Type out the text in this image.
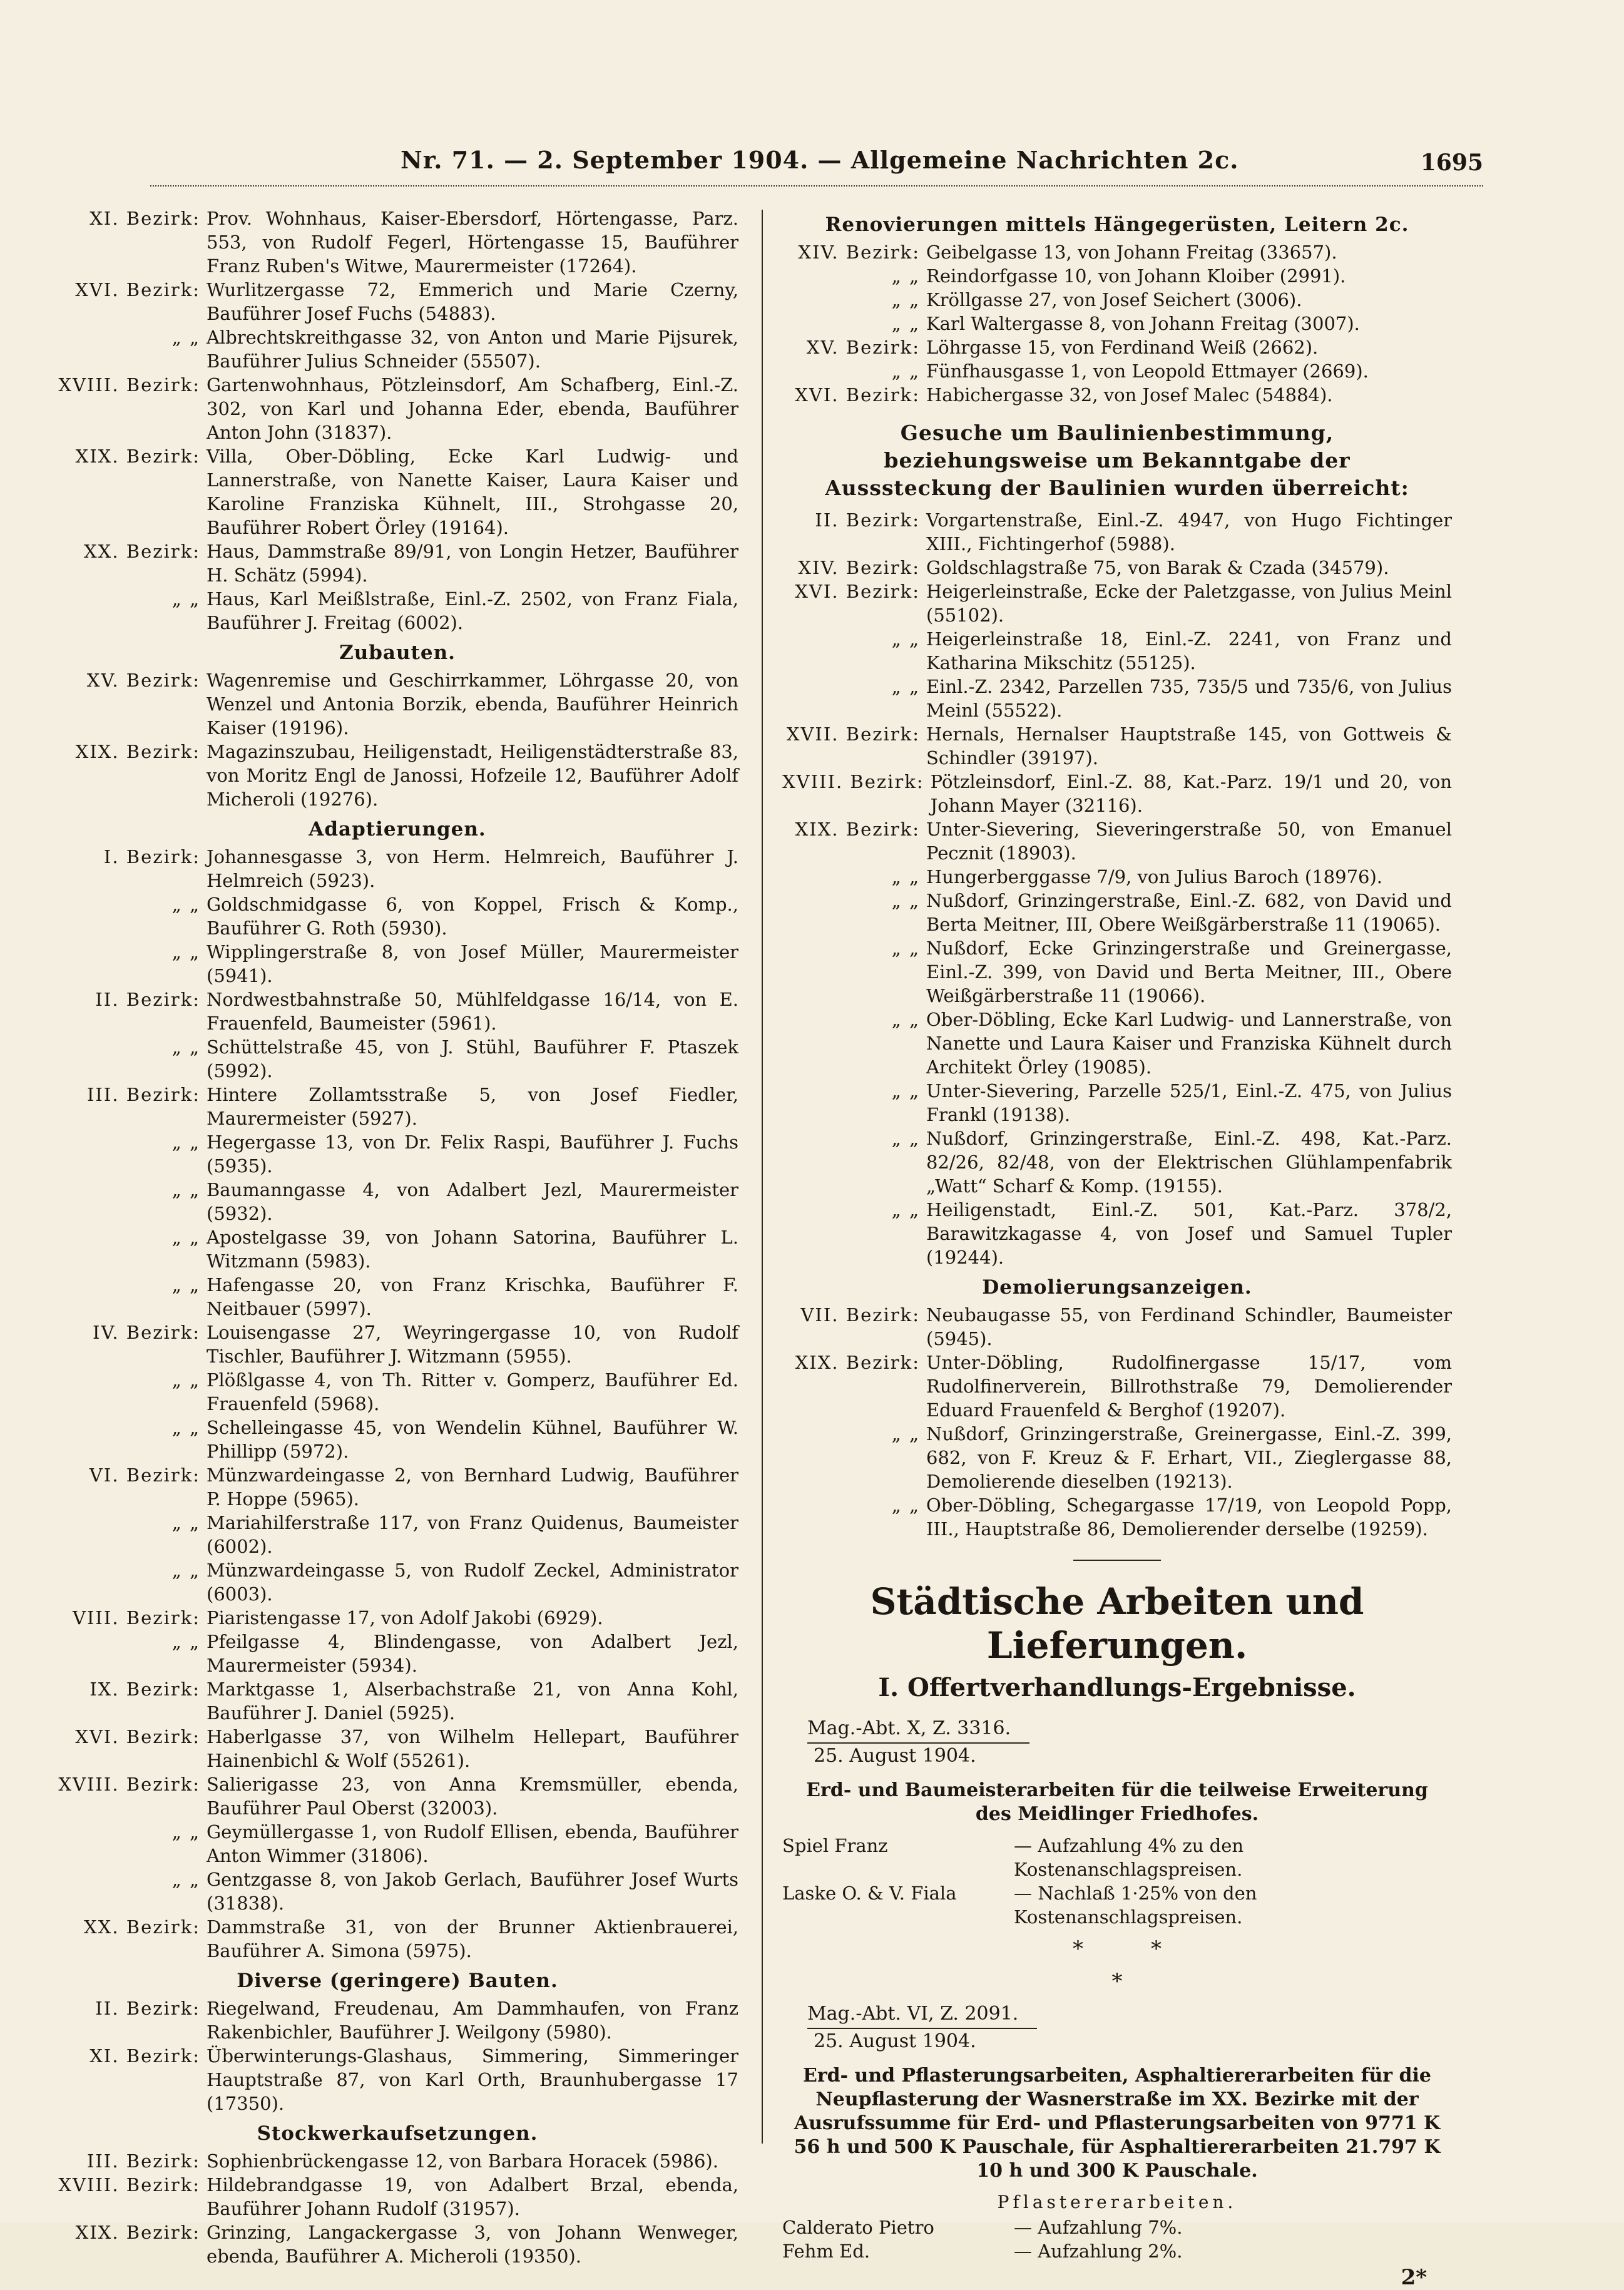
Nr. 71. — 2. September 1904. — Allgemeine Nachrichten 2c.	1695
XI. Bezirk: Prov. Wohnhaus, Kaiser-Ebersdorf, Hörtengasse, Parz. 553, von Rudolf Fegerl, Hörtengasse 15, Bauführer Franz Ruben's Witwe, Maurermeister (17264).
XVI. Bezirk: Wurlitzergasse 72, Emmerich und Marie Czerny, Bauführer Josef Fuchs (54883).
„ „ Albrechtskreithgasse 32, von Anton und Marie Pijsurek, Bauführer Julius Schneider (55507).
XVIII. Bezirk: Gartenwohnhaus, Pötzleinsdorf, Am Schafberg, Einl.-Z. 302, von Karl und Johanna Eder, ebenda, Bauführer Anton John (31837).
XIX. Bezirk: Villa, Ober-Döbling, Ecke Karl Ludwig- und Lannerstraße, von Nanette Kaiser, Laura Kaiser und Karoline Franziska Kühnelt, III., Strohgasse 20, Bauführer Robert Örley (19164).
XX. Bezirk: Haus, Dammstraße 89/91, von Longin Hetzer, Bauführer H. Schätz (5994).
„ „ Haus, Karl Meißlstraße, Einl.-Z. 2502, von Franz Fiala, Bauführer J. Freitag (6002).
Zubauten.
XV. Bezirk: Wagenremise und Geschirrkammer, Löhrgasse 20, von Wenzel und Antonia Borzik, ebenda, Bauführer Heinrich Kaiser (19196).
XIX. Bezirk: Magazinszubau, Heiligenstadt, Heiligenstädterstraße 83, von Moritz Engl de Janossi, Hofzeile 12, Bauführer Adolf Micheroli (19276).
Adaptierungen.
I. Bezirk: Johannesgasse 3, von Herm. Helmreich, Bauführer J. Helmreich (5923).
„ „ Goldschmidgasse 6, von Koppel, Frisch & Komp., Bauführer G. Roth (5930).
„ „ Wipplingerstraße 8, von Josef Müller, Maurermeister (5941).
II. Bezirk: Nordwestbahnstraße 50, Mühlfeldgasse 16/14, von E. Frauenfeld, Baumeister (5961).
„ „ Schüttelstraße 45, von J. Stühl, Bauführer F. Ptaszek (5992).
III. Bezirk: Hintere Zollamtsstraße 5, von Josef Fiedler, Maurermeister (5927).
„ „ Hegergasse 13, von Dr. Felix Raspi, Bauführer J. Fuchs (5935).
„ „ Baumanngasse 4, von Adalbert Jezl, Maurermeister (5932).
„ „ Apostelgasse 39, von Johann Satorina, Bauführer L. Witzmann (5983).
„ „ Hafengasse 20, von Franz Krischka, Bauführer F. Neitbauer (5997).
IV. Bezirk: Louisengasse 27, Weyringergasse 10, von Rudolf Tischler, Bauführer J. Witzmann (5955).
„ „ Plößlgasse 4, von Th. Ritter v. Gomperz, Bauführer Ed. Frauenfeld (5968).
„ „ Schelleingasse 45, von Wendelin Kühnel, Bauführer W. Phillipp (5972).
VI. Bezirk: Münzwardeingasse 2, von Bernhard Ludwig, Bauführer P. Hoppe (5965).
„ „ Mariahilferstraße 117, von Franz Quidenus, Baumeister (6002).
„ „ Münzwardeingasse 5, von Rudolf Zeckel, Administrator (6003).
VIII. Bezirk: Piaristengasse 17, von Adolf Jakobi (6929).
„ „ Pfeilgasse 4, Blindengasse, von Adalbert Jezl, Maurermeister (5934).
IX. Bezirk: Marktgasse 1, Alserbachstraße 21, von Anna Kohl, Bauführer J. Daniel (5925).
XVI. Bezirk: Haberlgasse 37, von Wilhelm Hellepart, Bauführer Hainenbichl & Wolf (55261).
XVIII. Bezirk: Salierigasse 23, von Anna Kremsmüller, ebenda, Bauführer Paul Oberst (32003).
„ „ Geymüllergasse 1, von Rudolf Ellisen, ebenda, Bauführer Anton Wimmer (31806).
„ „ Gentzgasse 8, von Jakob Gerlach, Bauführer Josef Wurts (31838).
XX. Bezirk: Dammstraße 31, von der Brunner Aktienbrauerei, Bauführer A. Simona (5975).
Diverse (geringere) Bauten.
II. Bezirk: Riegelwand, Freudenau, Am Dammhaufen, von Franz Rakenbichler, Bauführer J. Weilgony (5980).
XI. Bezirk: Überwinterungs-Glashaus, Simmering, Simmeringer Hauptstraße 87, von Karl Orth, Braunhubergasse 17 (17350).
Stockwerkaufsetzungen.
III. Bezirk: Sophienbrückengasse 12, von Barbara Horacek (5986).
XVIII. Bezirk: Hildebrandgasse 19, von Adalbert Brzal, ebenda, Bauführer Johann Rudolf (31957).
XIX. Bezirk: Grinzing, Langackergasse 3, von Johann Wenweger, ebenda, Bauführer A. Micheroli (19350).
Renovierungen mittels Hängegerüsten, Leitern 2c.
XIV. Bezirk: Geibelgasse 13, von Johann Freitag (33657).
„ „ Reindorfgasse 10, von Johann Kloiber (2991).
„ „ Kröllgasse 27, von Josef Seichert (3006).
„ „ Karl Waltergasse 8, von Johann Freitag (3007).
XV. Bezirk: Löhrgasse 15, von Ferdinand Weiß (2662).
„ „ Fünfhausgasse 1, von Leopold Ettmayer (2669).
XVI. Bezirk: Habichergasse 32, von Josef Malec (54884).
Gesuche um Baulinienbestimmung, beziehungsweise um Bekanntgabe der Ausssteckung der Baulinien wurden überreicht:
II. Bezirk: Vorgartenstraße, Einl.-Z. 4947, von Hugo Fichtinger XIII., Fichtingerhof (5988).
XIV. Bezirk: Goldschlagstraße 75, von Barak & Czada (34579).
XVI. Bezirk: Heigerleinstraße, Ecke der Paletzgasse, von Julius Meinl (55102).
„ „ Heigerleinstraße 18, Einl.-Z. 2241, von Franz und Katharina Mikschitz (55125).
„ „ Einl.-Z. 2342, Parzellen 735, 735/5 und 735/6, von Julius Meinl (55522).
XVII. Bezirk: Hernals, Hernalser Hauptstraße 145, von Gottweis & Schindler (39197).
XVIII. Bezirk: Pötzleinsdorf, Einl.-Z. 88, Kat.-Parz. 19/1 und 20, von Johann Mayer (32116).
XIX. Bezirk: Unter-Sievering, Sieveringerstraße 50, von Emanuel Pecznit (18903).
„ „ Hungerberggasse 7/9, von Julius Baroch (18976).
„ „ Nußdorf, Grinzingerstraße, Einl.-Z. 682, von David und Berta Meitner, III, Obere Weißgärberstraße 11 (19065).
„ „ Nußdorf, Ecke Grinzingerstraße und Greinergasse, Einl.-Z. 399, von David und Berta Meitner, III., Obere Weißgärberstraße 11 (19066).
„ „ Ober-Döbling, Ecke Karl Ludwig- und Lannerstraße, von Nanette und Laura Kaiser und Franziska Kühnelt durch Architekt Örley (19085).
„ „ Unter-Sievering, Parzelle 525/1, Einl.-Z. 475, von Julius Frankl (19138).
„ „ Nußdorf, Grinzingerstraße, Einl.-Z. 498, Kat.-Parz. 82/26, 82/48, von der Elektrischen Glühlampenfabrik „Watt“ Scharf & Komp. (19155).
„ „ Heiligenstadt, Einl.-Z. 501, Kat.-Parz. 378/2, Barawitzkagasse 4, von Josef und Samuel Tupler (19244).
Demolierungsanzeigen.
VII. Bezirk: Neubaugasse 55, von Ferdinand Schindler, Baumeister (5945).
XIX. Bezirk: Unter-Döbling, Rudolfinergasse 15/17, vom Rudolfinerverein, Billrothstraße 79, Demolierender Eduard Frauenfeld & Berghof (19207).
„ „ Nußdorf, Grinzingerstraße, Greinergasse, Einl.-Z. 399, 682, von F. Kreuz & F. Erhart, VII., Zieglergasse 88, Demolierende dieselben (19213).
„ „ Ober-Döbling, Schegargasse 17/19, von Leopold Popp, III., Hauptstraße 86, Demolierender derselbe (19259).
Städtische Arbeiten und Lieferungen.
I. Offertverhandlungs-Ergebnisse.
Mag.-Abt. X, Z. 3316.
25. August 1904.
Erd- und Baumeisterarbeiten für die teilweise Erweiterung des Meidlinger Friedhofes.
Spiel Franz	— Aufzahlung 4% zu den Kostenanschlagspreisen.
Laske O. & V. Fiala	— Nachlaß 1·25% von den Kostenanschlagspreisen.
*          *
*
Mag.-Abt. VI, Z. 2091.
25. August 1904.
Erd- und Pflasterungsarbeiten, Asphaltiererarbeiten für die Neupflasterung der Wasnerstraße im XX. Bezirke mit der Ausrufssumme für Erd- und Pflasterungsarbeiten von 9771 K 56 h und 500 K Pauschale, für Asphaltiererarbeiten 21.797 K 10 h und 300 K Pauschale.
Pflastererarbeiten.
Calderato Pietro	— Aufzahlung 7%.
Fehm Ed.	— Aufzahlung 2%.
2*
